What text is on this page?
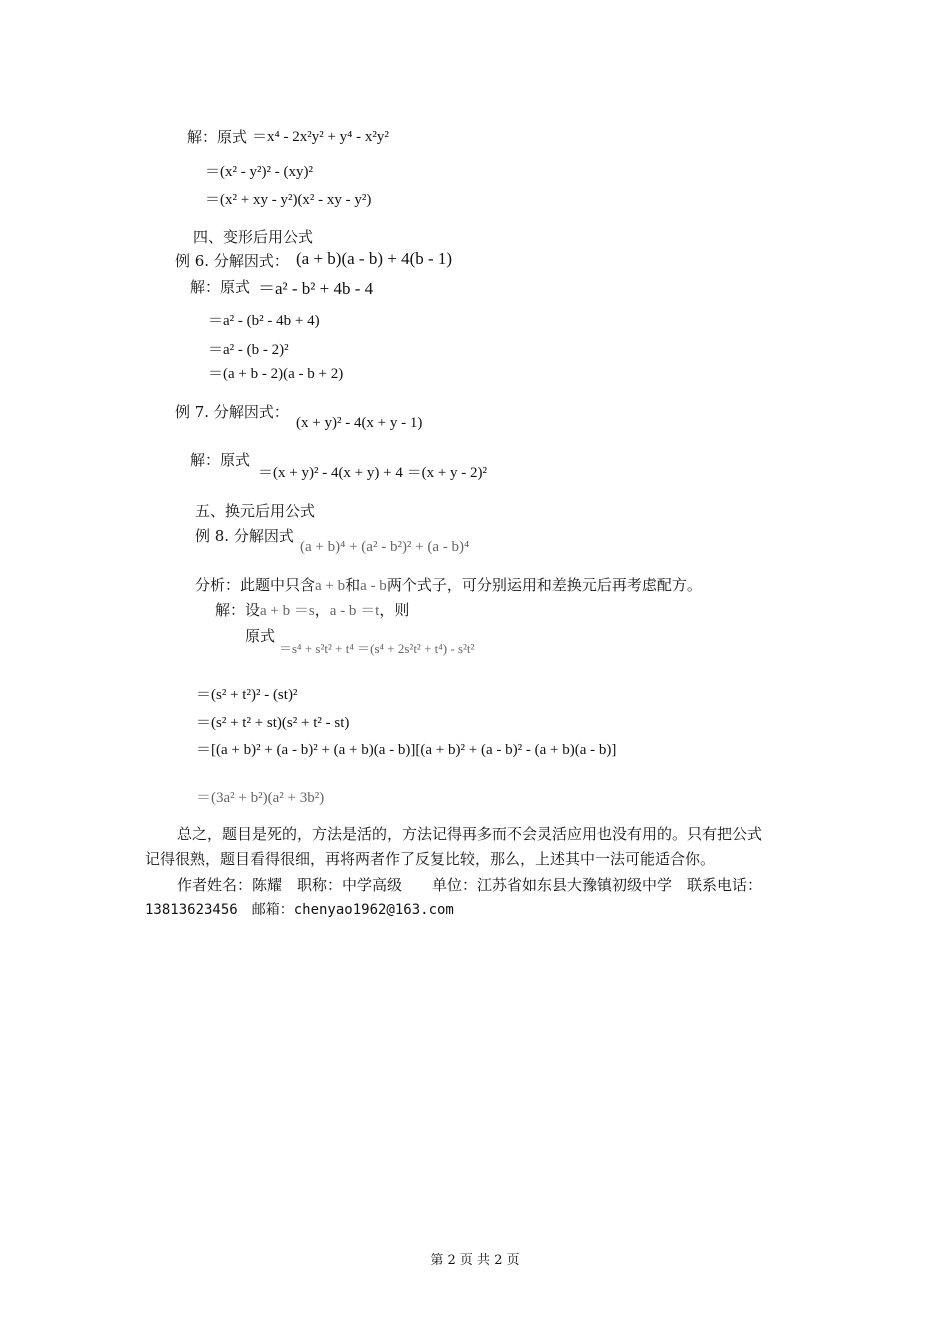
解：原式 ＝x⁴ - 2x²y² + y⁴ - x²y²
＝(x² - y²)² - (xy)²
＝(x² + xy - y²)(x² - xy - y²)
四、变形后用公式
例 6. 分解因式： (a + b)(a - b) + 4(b - 1)
解：原式 ＝a² - b² + 4b - 4
＝a² - (b² - 4b + 4)
＝a² - (b - 2)²
＝(a + b - 2)(a - b + 2)
例 7. 分解因式：
(x + y)² - 4(x + y - 1)
解：原式
＝(x + y)² - 4(x + y) + 4 ＝(x + y - 2)²
五、换元后用公式
例 8. 分解因式
(a + b)⁴ + (a² - b²)² + (a - b)⁴
分析：此题中只含a + b和a - b两个式子，可分别运用和差换元后再考虑配方。
解：设a + b ＝s，a - b ＝t，则
原式
＝s⁴ + s²t² + t⁴ ＝(s⁴ + 2s²t² + t⁴) - s²t²
＝(s² + t²)² - (st)²
＝(s² + t² + st)(s² + t² - st)
＝[(a + b)² + (a - b)² + (a + b)(a - b)][(a + b)² + (a - b)² - (a + b)(a - b)]
＝(3a² + b²)(a² + 3b²)
总之，题目是死的，方法是活的，方法记得再多而不会灵活应用也没有用的。只有把公式
记得很熟，题目看得很细，再将两者作了反复比较，那么，上述其中一法可能适合你。
作者姓名：陈耀　职称：中学高级　　单位：江苏省如东县大豫镇初级中学　联系电话：
13813623456　邮箱：chenyao1962@163.com
第 2 页 共 2 页
